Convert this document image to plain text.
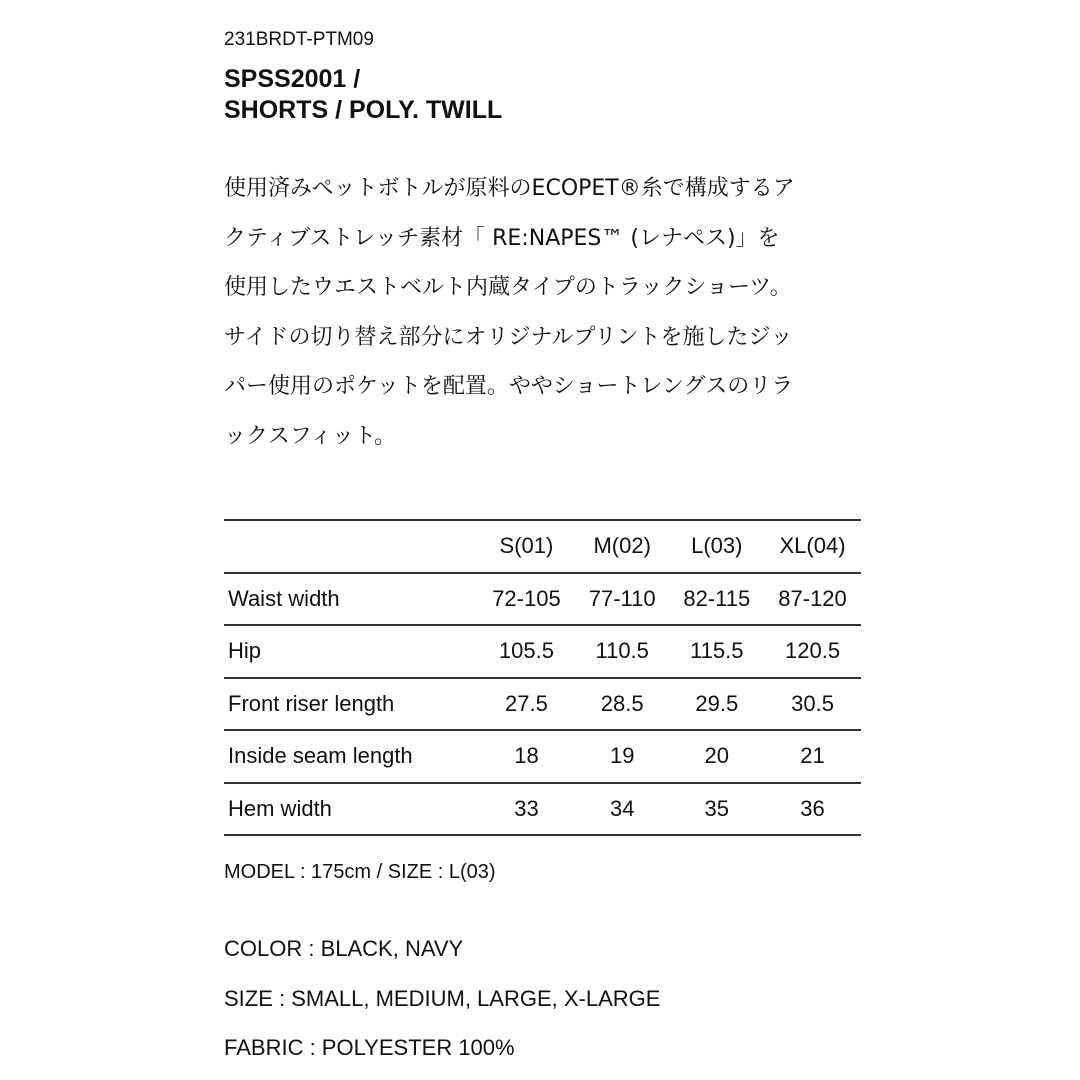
231BRDT-PTM09
SPSS2001 /
SHORTS / POLY. TWILL

使用済みペットボトルが原料のECOPET®糸で構成するア
クティブストレッチ素材「 RE:NAPES™ (レナペス)」を
使用したウエストベルト内蔵タイプのトラックショーツ。
サイドの切り替え部分にオリジナルプリントを施したジッ
パー使用のポケットを配置。ややショートレングスのリラ
ックスフィット。

	S(01)	M(02)	L(03)	XL(04)
Waist width	72-105	77-110	82-115	87-120
Hip	105.5	110.5	115.5	120.5
Front riser length	27.5	28.5	29.5	30.5
Inside seam length	18	19	20	21
Hem width	33	34	35	36
MODEL : 175cm / SIZE : L(03)
COLOR : BLACK, NAVY
SIZE : SMALL, MEDIUM, LARGE, X-LARGE
FABRIC : POLYESTER 100%
